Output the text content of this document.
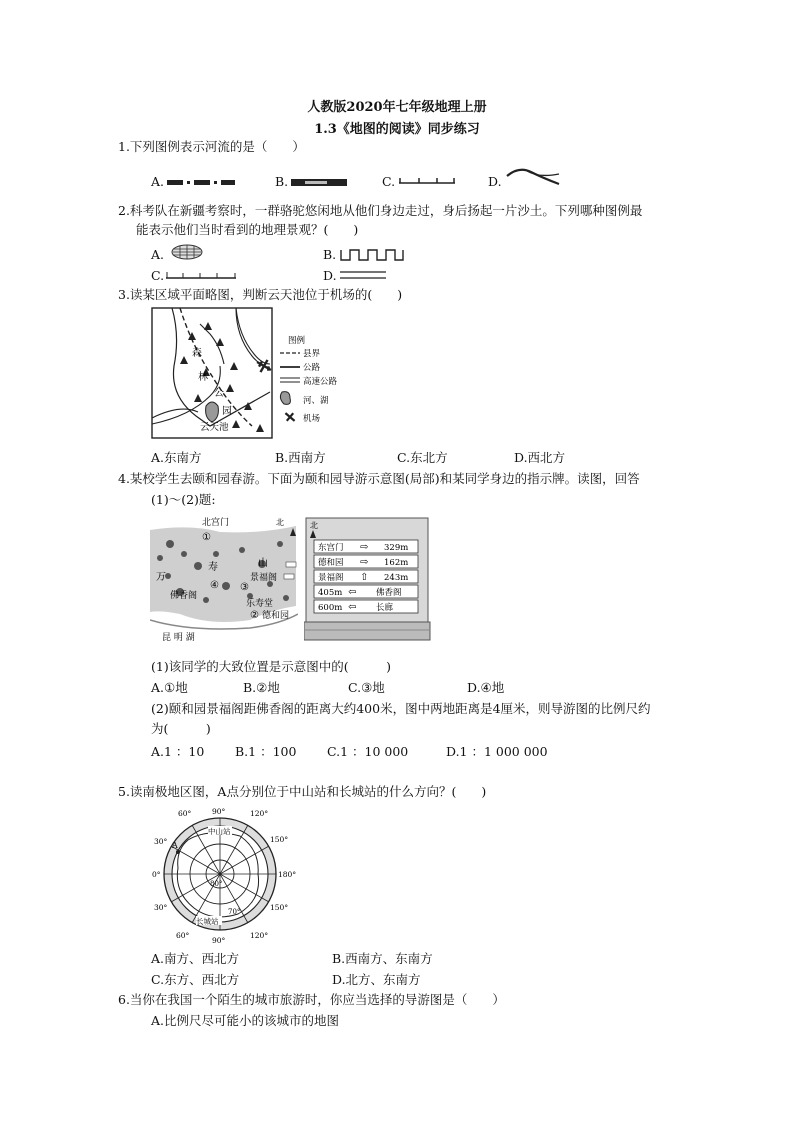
人教版2020年七年级地理上册
1.3《地图的阅读》同步练习
1.下列图例表示河流的是（　　）
A.	B.	C.	D.
2.科考队在新疆考察时，一群骆驼悠闲地从他们身边走过，身后扬起一片沙土。下列哪种图例最
能表示他们当时看到的地理景观？(　　)
A.	B.
C.	D.
3.读某区域平面略图，判断云天池位于机场的(　　)
森
林
公
园
云天池
图例
县界
公路
高速公路
河、湖
机场
A.东南方	B.西南方	C.东北方	D.西北方
4.某校学生去颐和园春游。下面为颐和园导游示意图(局部)和某同学身边的指示牌。读图，回答
(1)～(2)题:
北宫门	北
①
山
寿
万	景福阁
③
④
佛香阁
乐寿堂
② 德和园
昆 明 湖
北
东宫门 ⇨ 329m
德和园 ⇨ 162m
景福阁 ⇧ 243m
405m ⇦ 佛香阁
600m ⇦ 长廊
(1)该同学的大致位置是示意图中的(　　　)
A.①地	B.②地	C.③地	D.④地
(2)颐和园景福阁距佛香阁的距离大约400米，图中两地距离是4厘米，则导游图的比例尺约
为(　　　)
A.1 ：10 B.1 ：100 C.1 ：10 000	D.1 ：1 000 000
5.读南极地区图，A点分别位于中山站和长城站的什么方向？(　　)
中山站
长城站
A
80°
70°
60°	90°	120°
150°
30°
0°	180°
150°
30°
60°
90°
120°
A.南方、西北方	B.西南方、东南方
C.东方、西北方	D.北方、东南方
6.当你在我国一个陌生的城市旅游时，你应当选择的导游图是（　　）
A.比例尺尽可能小的该城市的地图
